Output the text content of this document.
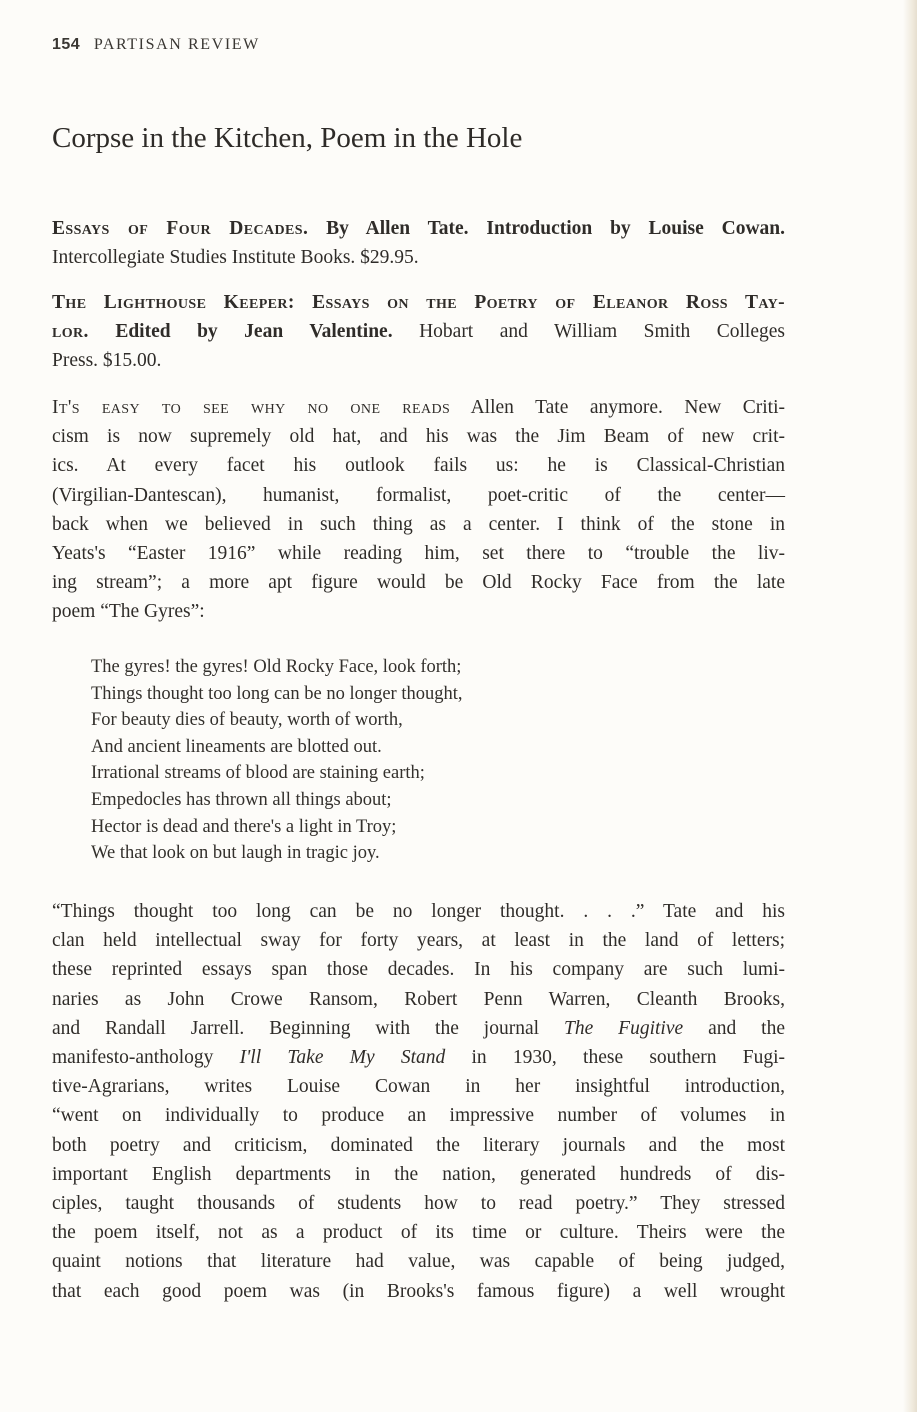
154 PARTISAN REVIEW
Corpse in the Kitchen, Poem in the Hole
Essays of Four Decades. By Allen Tate. Introduction by Louise Cowan.
Intercollegiate Studies Institute Books. $29.95.
The Lighthouse Keeper: Essays on the Poetry of Eleanor Ross Tay-
lor. Edited by Jean Valentine. Hobart and William Smith Colleges
Press. $15.00.
It's easy to see why no one reads Allen Tate anymore. New Criti-
cism is now supremely old hat, and his was the Jim Beam of new crit-
ics. At every facet his outlook fails us: he is Classical-Christian
(Virgilian-Dantescan), humanist, formalist, poet-critic of the center—
back when we believed in such thing as a center. I think of the stone in
Yeats's “Easter 1916” while reading him, set there to “trouble the liv-
ing stream”; a more apt figure would be Old Rocky Face from the late
poem “The Gyres”:
The gyres! the gyres! Old Rocky Face, look forth;
Things thought too long can be no longer thought,
For beauty dies of beauty, worth of worth,
And ancient lineaments are blotted out.
Irrational streams of blood are staining earth;
Empedocles has thrown all things about;
Hector is dead and there's a light in Troy;
We that look on but laugh in tragic joy.
“Things thought too long can be no longer thought. . . .” Tate and his
clan held intellectual sway for forty years, at least in the land of letters;
these reprinted essays span those decades. In his company are such lumi-
naries as John Crowe Ransom, Robert Penn Warren, Cleanth Brooks,
and Randall Jarrell. Beginning with the journal The Fugitive and the
manifesto-anthology I'll Take My Stand in 1930, these southern Fugi-
tive-Agrarians, writes Louise Cowan in her insightful introduction,
“went on individually to produce an impressive number of volumes in
both poetry and criticism, dominated the literary journals and the most
important English departments in the nation, generated hundreds of dis-
ciples, taught thousands of students how to read poetry.” They stressed
the poem itself, not as a product of its time or culture. Theirs were the
quaint notions that literature had value, was capable of being judged,
that each good poem was (in Brooks's famous figure) a well wrought
